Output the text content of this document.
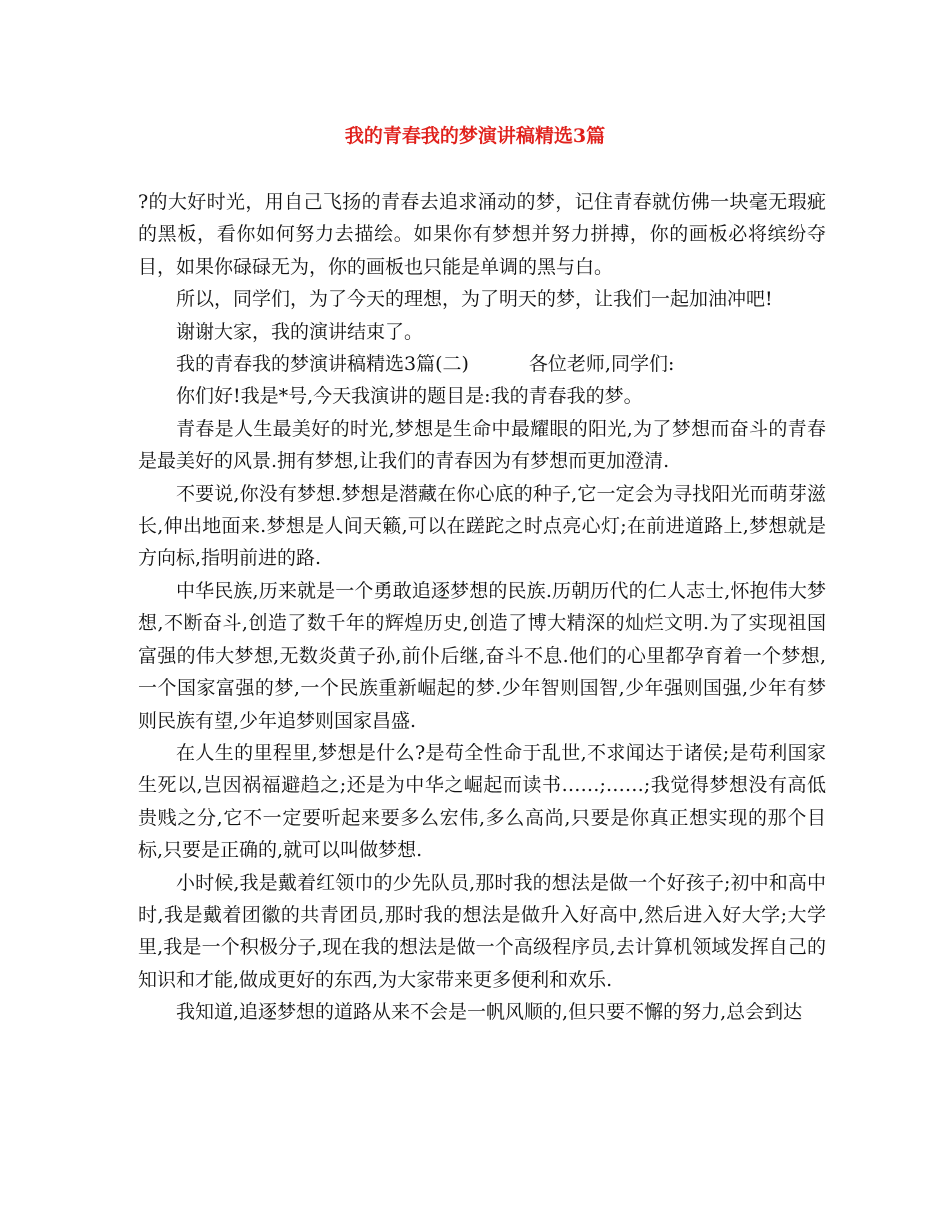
我的青春我的梦演讲稿精选3篇

?的大好时光，用自己飞扬的青春去追求涌动的梦，记住青春就仿佛一块毫无瑕疵的黑板，看你如何努力去描绘。如果你有梦想并努力拼搏，你的画板必将缤纷夺目，如果你碌碌无为，你的画板也只能是单调的黑与白。

所以，同学们，为了今天的理想，为了明天的梦，让我们一起加油冲吧!

谢谢大家，我的演讲结束了。

我的青春我的梦演讲稿精选3篇(二)	各位老师,同学们:

你们好!我是*号,今天我演讲的题目是:我的青春我的梦。

青春是人生最美好的时光,梦想是生命中最耀眼的阳光,为了梦想而奋斗的青春是最美好的风景.拥有梦想,让我们的青春因为有梦想而更加澄清.

不要说,你没有梦想.梦想是潜藏在你心底的种子,它一定会为寻找阳光而萌芽滋长,伸出地面来.梦想是人间天籁,可以在蹉跎之时点亮心灯;在前进道路上,梦想就是方向标,指明前进的路.

中华民族,历来就是一个勇敢追逐梦想的民族.历朝历代的仁人志士,怀抱伟大梦想,不断奋斗,创造了数千年的辉煌历史,创造了博大精深的灿烂文明.为了实现祖国富强的伟大梦想,无数炎黄子孙,前仆后继,奋斗不息.他们的心里都孕育着一个梦想,一个国家富强的梦,一个民族重新崛起的梦.少年智则国智,少年强则国强,少年有梦则民族有望,少年追梦则国家昌盛.

在人生的里程里,梦想是什么?是苟全性命于乱世,不求闻达于诸侯;是苟利国家生死以,岂因祸福避趋之;还是为中华之崛起而读书……;……;我觉得梦想没有高低贵贱之分,它不一定要听起来要多么宏伟,多么高尚,只要是你真正想实现的那个目标,只要是正确的,就可以叫做梦想.

小时候,我是戴着红领巾的少先队员,那时我的想法是做一个好孩子;初中和高中时,我是戴着团徽的共青团员,那时我的想法是做升入好高中,然后进入好大学;大学里,我是一个积极分子,现在我的想法是做一个高级程序员,去计算机领域发挥自己的知识和才能,做成更好的东西,为大家带来更多便利和欢乐.

我知道,追逐梦想的道路从来不会是一帆风顺的,但只要不懈的努力,总会到达
